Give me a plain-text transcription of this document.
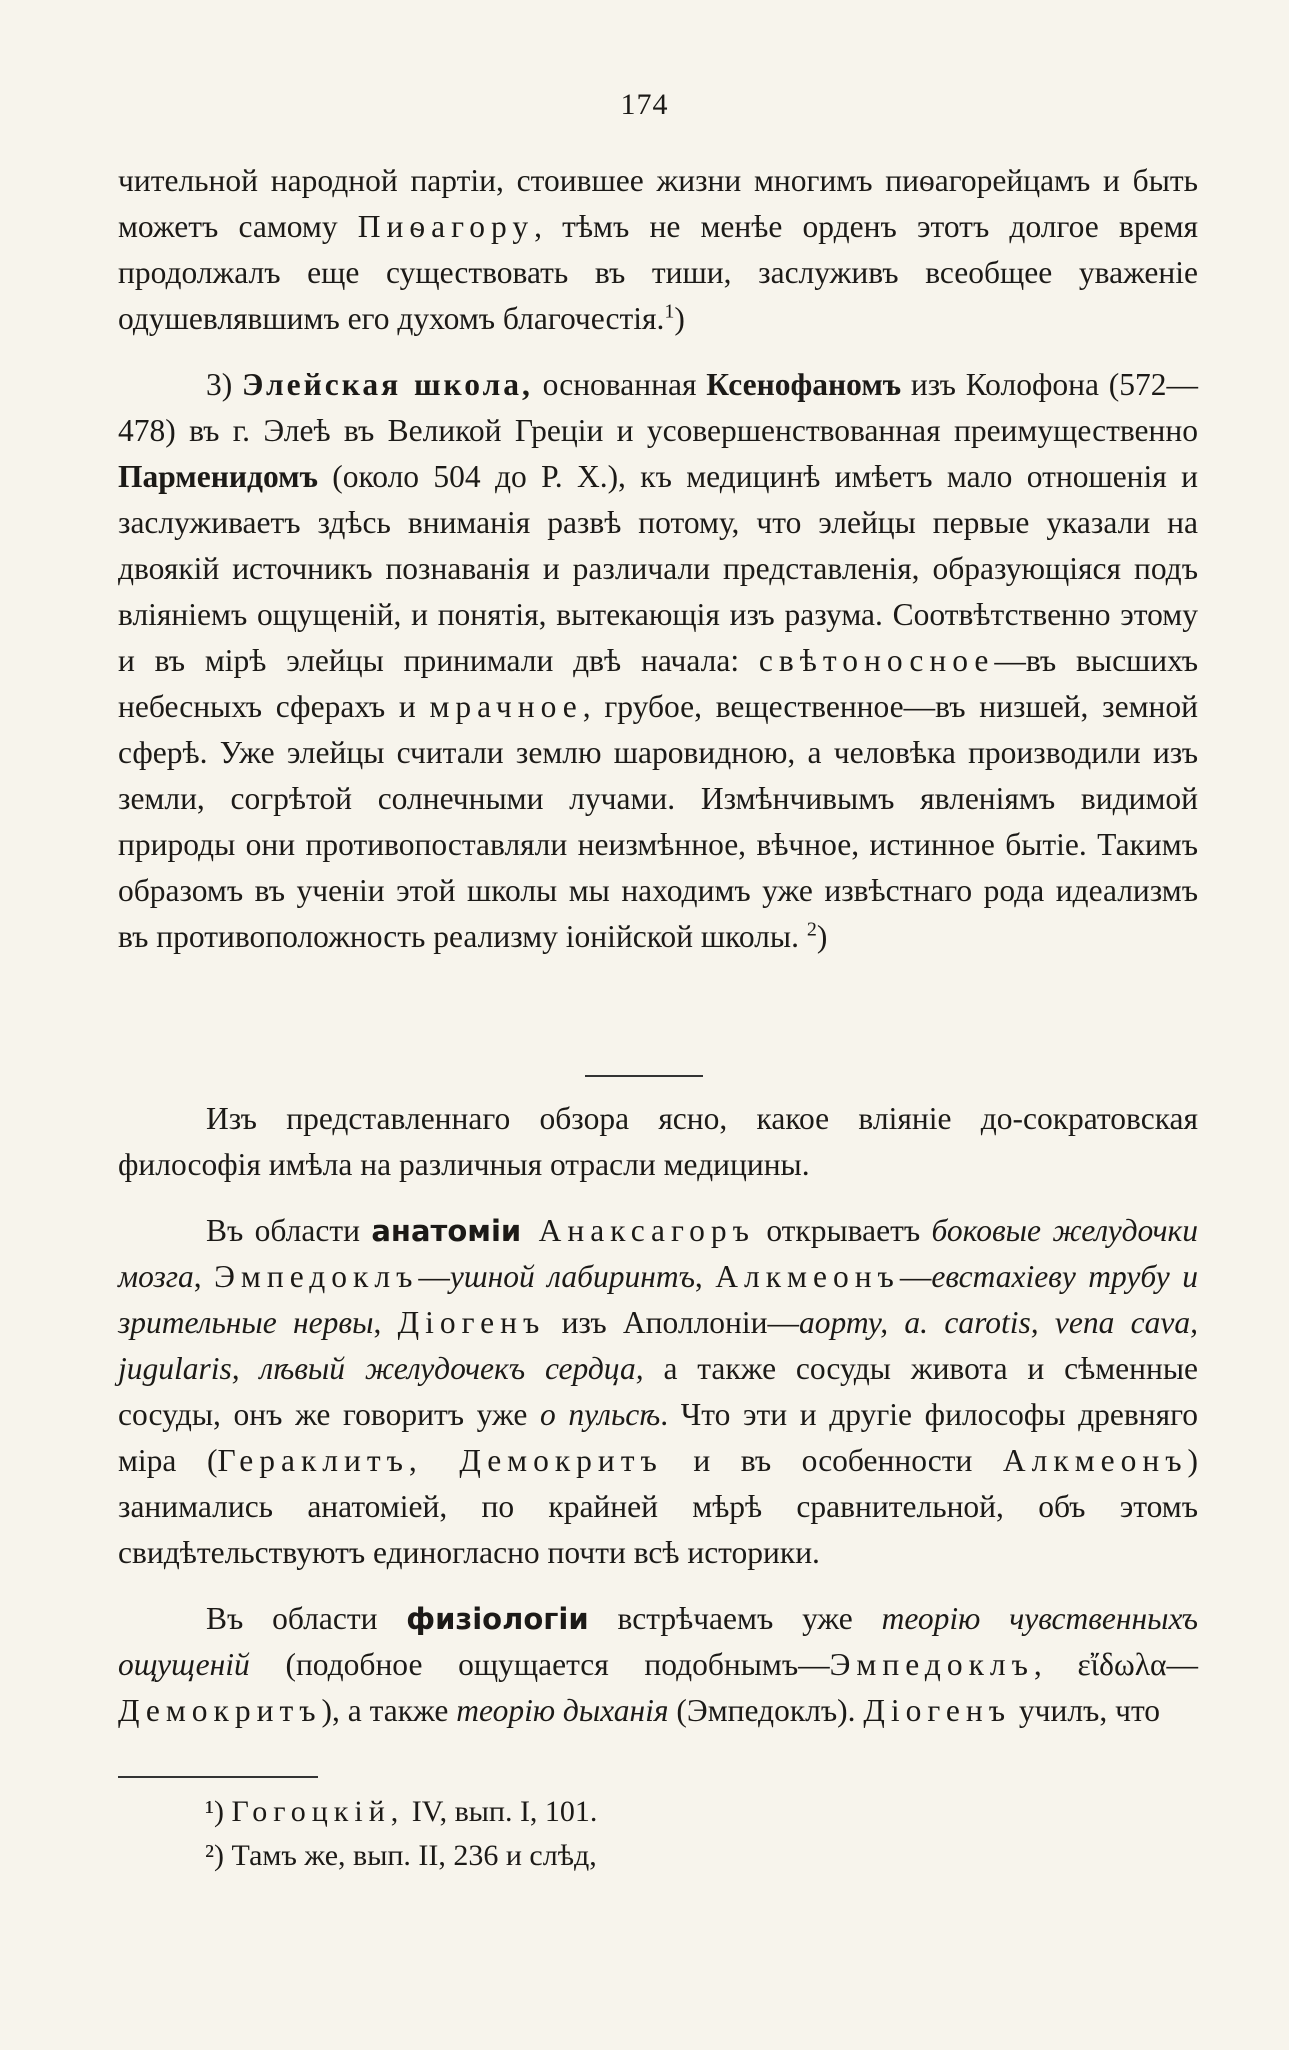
174

чительной народной партіи, стоившее жизни многимъ пиѳагорейцамъ и быть можетъ самому Пиѳагору, тѣмъ не менѣе орденъ этотъ долгое время продолжалъ еще существовать въ тиши, заслуживъ всеобщее уваженіе одушевлявшимъ его духомъ благочестія.$^1$)

3) Элейская школа, основанная Ксенофаномъ изъ Колофона (572—478) въ г. Элеѣ въ Великой Греціи и усовершенствованная преимущественно Парменидомъ (около 504 до Р. Х.), къ медицинѣ имѣетъ мало отношенія и заслуживаетъ здѣсь вниманія развѣ потому, что элейцы первые указали на двоякій источникъ познаванія и различали представленія, образующіяся подъ вліяніемъ ощущеній, и понятія, вытекающія изъ разума. Соотвѣтственно этому и въ мірѣ элейцы принимали двѣ начала: свѣтоносное—въ высшихъ небесныхъ сферахъ и мрачное, грубое, вещественное—въ низшей, земной сферѣ. Уже элейцы считали землю шаровидною, а человѣка производили изъ земли, согрѣтой солнечными лучами. Измѣнчивымъ явленіямъ видимой природы они противопоставляли неизмѣнное, вѣчное, истинное бытіе. Такимъ образомъ въ ученіи этой школы мы находимъ уже извѣстнаго рода идеализмъ въ противоположность реализму іонійской школы. $^2$)

Изъ представленнаго обзора ясно, какое вліяніе до-сократовская философія имѣла на различныя отрасли медицины.

Въ области анатоміи Анаксагоръ открываетъ боковые желудочки мозга, Эмпедоклъ—ушной лабиринтъ, Алкмеонъ—евстахіеву трубу и зрительные нервы, Діогенъ изъ Аполлоніи—аорту, a. carotis, vena cava, jugularis, лѣвый желудочекъ сердца, а также сосуды живота и сѣменные сосуды, онъ же говоритъ уже о пульсѣ. Что эти и другіе философы древняго міра (Гераклитъ, Демокритъ и въ особенности Алкмеонъ) занимались анатоміей, по крайней мѣрѣ сравнительной, объ этомъ свидѣтельствуютъ единогласно почти всѣ историки.

Въ области физіологіи встрѣчаемъ уже теорію чувственныхъ ощущеній (подобное ощущается подобнымъ—Эмпедоклъ, εἴδωλα—Демокритъ), а также теорію дыханія (Эмпедоклъ). Діогенъ училъ, что

¹) Гогоцкій, IV, вып. I, 101.
²) Тамъ же, вып. II, 236 и слѣд,
